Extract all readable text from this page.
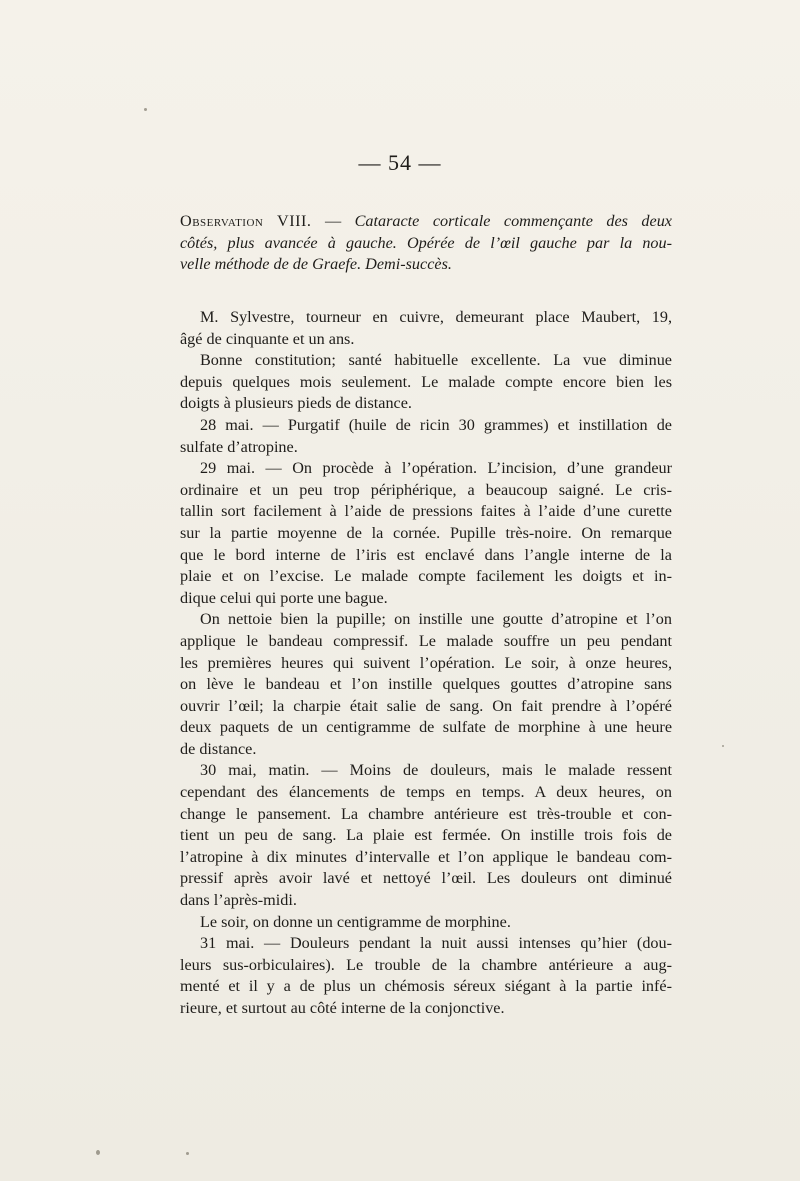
— 54 —
Observation VIII. — Cataracte corticale commençante des deux
côtés, plus avancée à gauche. Opérée de l’œil gauche par la nou-
velle méthode de de Graefe. Demi-succès.
M. Sylvestre, tourneur en cuivre, demeurant place Maubert, 19,
âgé de cinquante et un ans.
Bonne constitution; santé habituelle excellente. La vue diminue
depuis quelques mois seulement. Le malade compte encore bien les
doigts à plusieurs pieds de distance.
28 mai. — Purgatif (huile de ricin 30 grammes) et instillation de
sulfate d’atropine.
29 mai. — On procède à l’opération. L’incision, d’une grandeur
ordinaire et un peu trop périphérique, a beaucoup saigné. Le cris-
tallin sort facilement à l’aide de pressions faites à l’aide d’une curette
sur la partie moyenne de la cornée. Pupille très-noire. On remarque
que le bord interne de l’iris est enclavé dans l’angle interne de la
plaie et on l’excise. Le malade compte facilement les doigts et in-
dique celui qui porte une bague.
On nettoie bien la pupille; on instille une goutte d’atropine et l’on
applique le bandeau compressif. Le malade souffre un peu pendant
les premières heures qui suivent l’opération. Le soir, à onze heures,
on lève le bandeau et l’on instille quelques gouttes d’atropine sans
ouvrir l’œil; la charpie était salie de sang. On fait prendre à l’opéré
deux paquets de un centigramme de sulfate de morphine à une heure
de distance.
30 mai, matin. — Moins de douleurs, mais le malade ressent
cependant des élancements de temps en temps. A deux heures, on
change le pansement. La chambre antérieure est très-trouble et con-
tient un peu de sang. La plaie est fermée. On instille trois fois de
l’atropine à dix minutes d’intervalle et l’on applique le bandeau com-
pressif après avoir lavé et nettoyé l’œil. Les douleurs ont diminué
dans l’après-midi.
Le soir, on donne un centigramme de morphine.
31 mai. — Douleurs pendant la nuit aussi intenses qu’hier (dou-
leurs sus-orbiculaires). Le trouble de la chambre antérieure a aug-
menté et il y a de plus un chémosis séreux siégant à la partie infé-
rieure, et surtout au côté interne de la conjonctive.
